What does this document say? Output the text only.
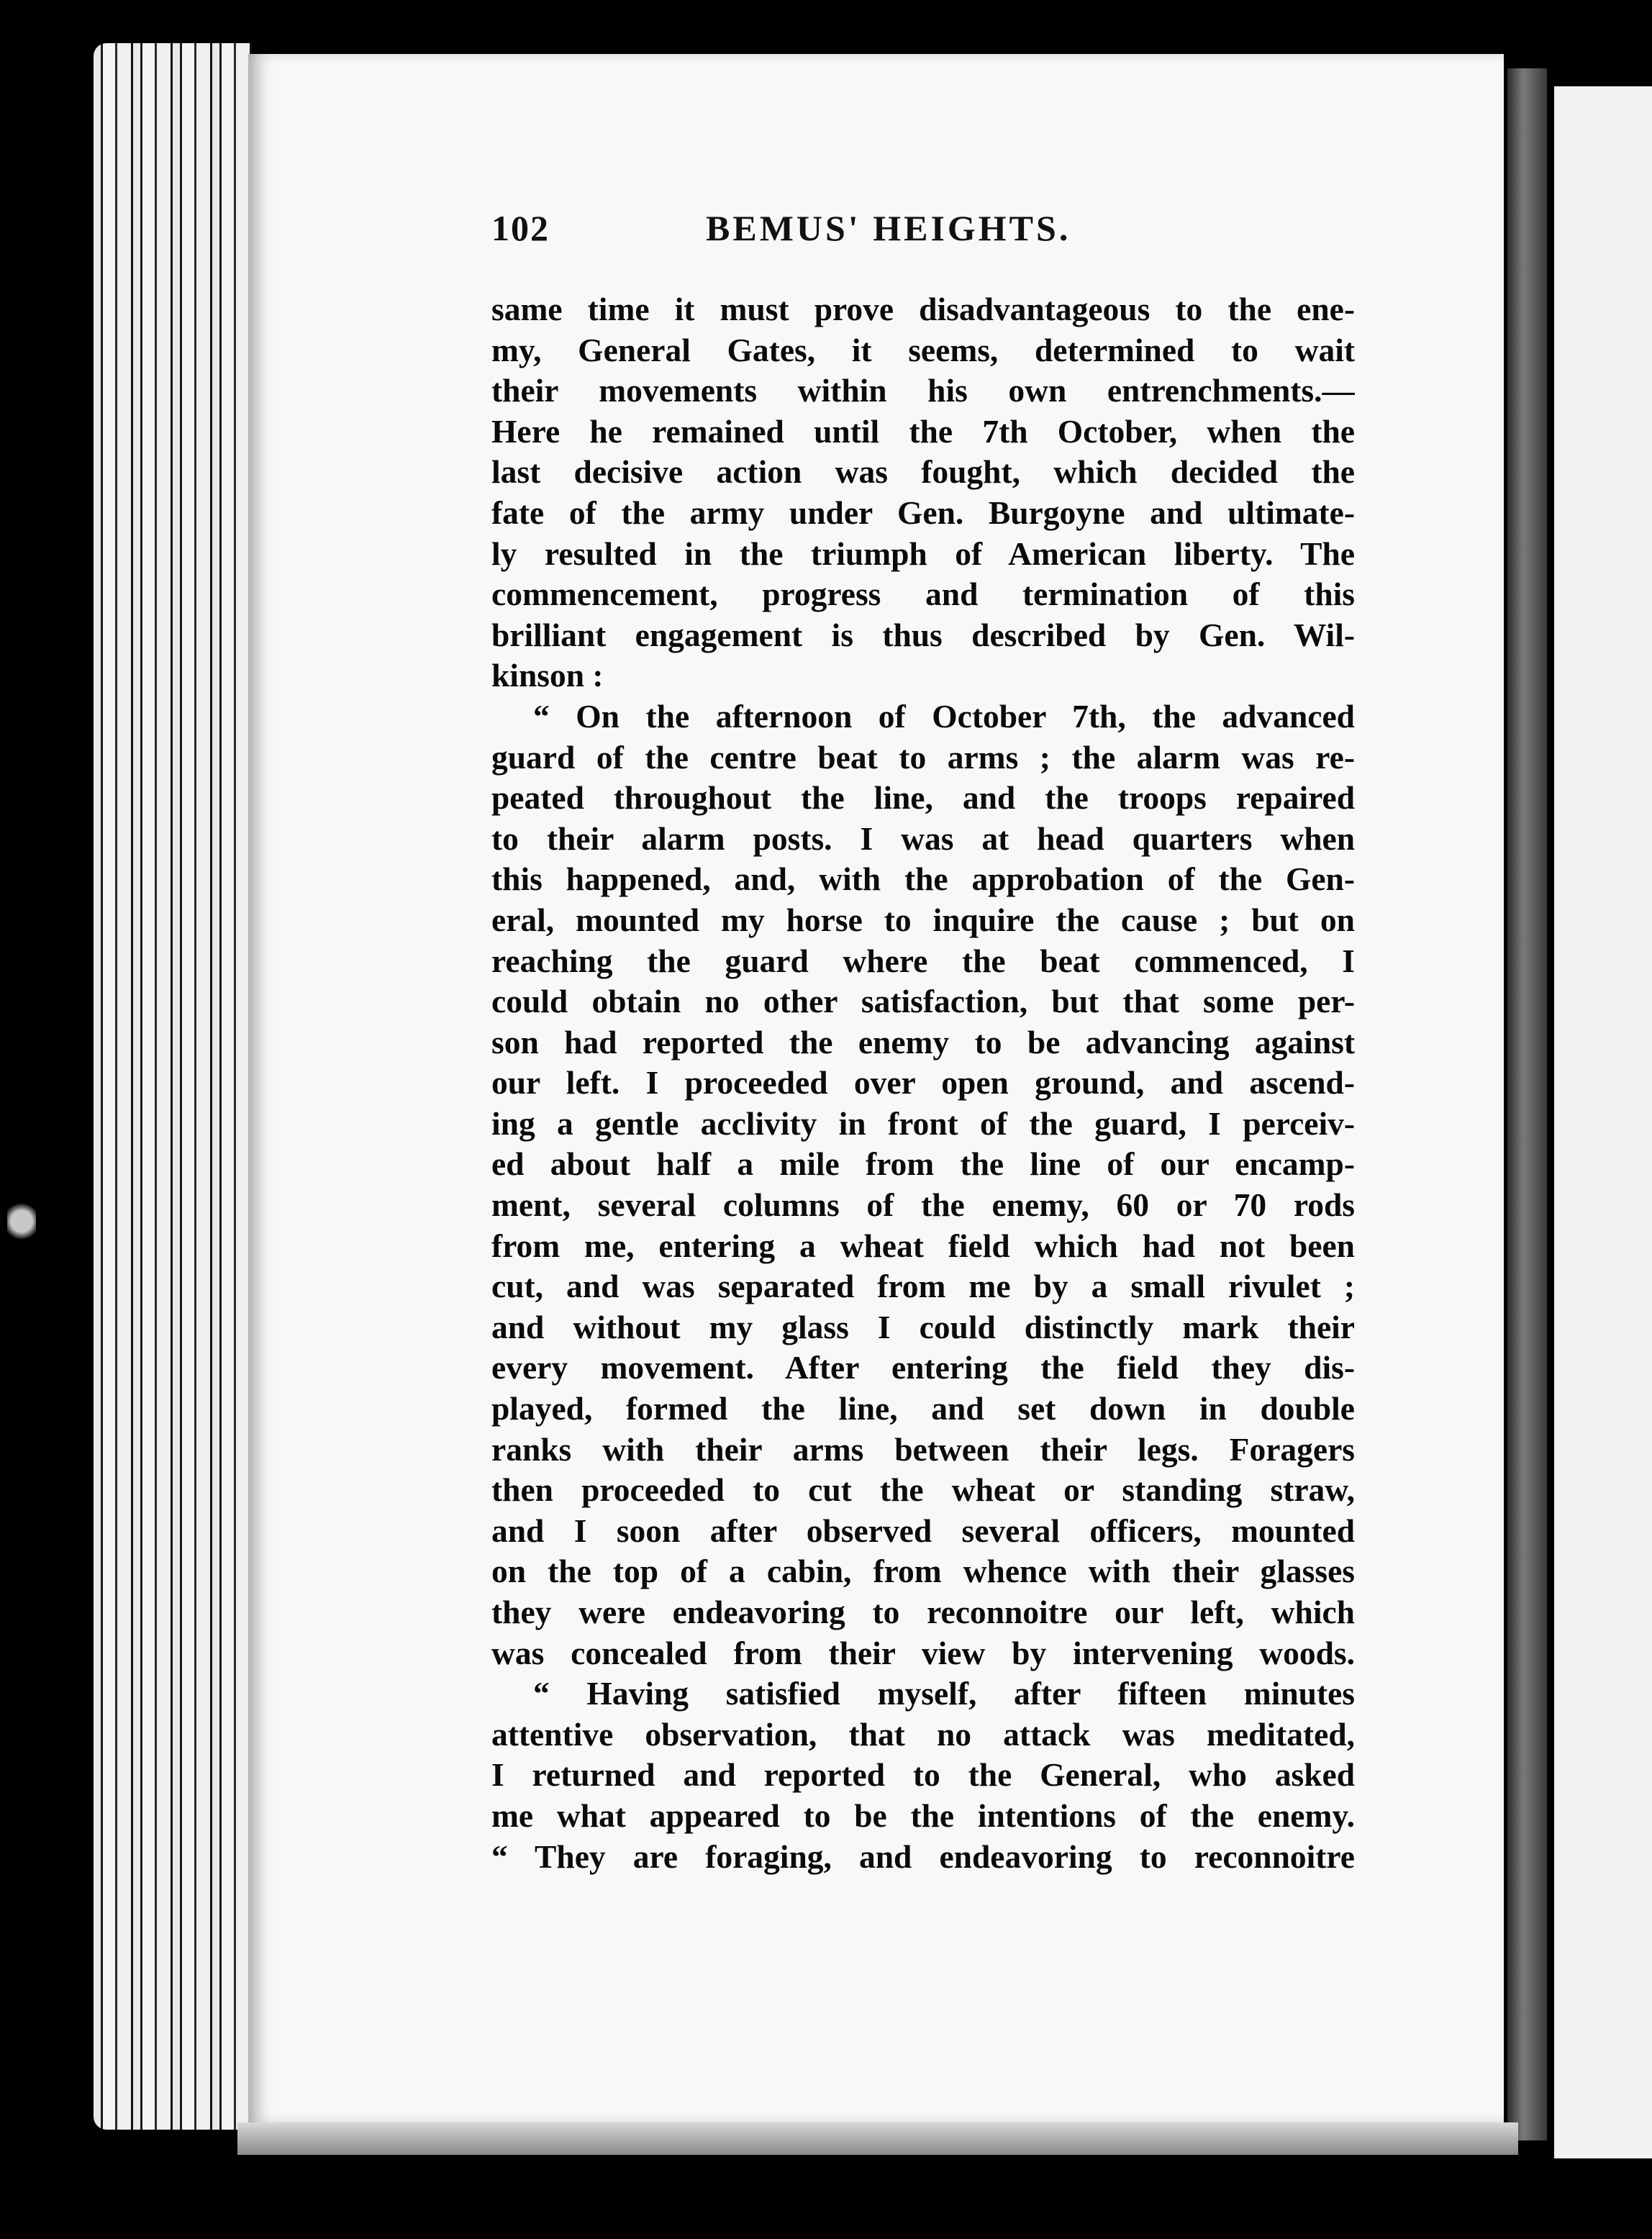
102	BEMUS' HEIGHTS.
same time it must prove disadvantageous to the ene-
my, General Gates, it seems, determined to wait
their movements within his own entrenchments.—
Here he remained until the 7th October, when the
last decisive action was fought, which decided the
fate of the army under Gen. Burgoyne and ultimate-
ly resulted in the triumph of American liberty. The
commencement, progress and termination of this
brilliant engagement is thus described by Gen. Wil-
kinson :
“ On the afternoon of October 7th, the advanced
guard of the centre beat to arms ; the alarm was re-
peated throughout the line, and the troops repaired
to their alarm posts. I was at head quarters when
this happened, and, with the approbation of the Gen-
eral, mounted my horse to inquire the cause ; but on
reaching the guard where the beat commenced, I
could obtain no other satisfaction, but that some per-
son had reported the enemy to be advancing against
our left. I proceeded over open ground, and ascend-
ing a gentle acclivity in front of the guard, I perceiv-
ed about half a mile from the line of our encamp-
ment, several columns of the enemy, 60 or 70 rods
from me, entering a wheat field which had not been
cut, and was separated from me by a small rivulet ;
and without my glass I could distinctly mark their
every movement. After entering the field they dis-
played, formed the line, and set down in double
ranks with their arms between their legs. Foragers
then proceeded to cut the wheat or standing straw,
and I soon after observed several officers, mounted
on the top of a cabin, from whence with their glasses
they were endeavoring to reconnoitre our left, which
was concealed from their view by intervening woods.
“ Having satisfied myself, after fifteen minutes
attentive observation, that no attack was meditated,
I returned and reported to the General, who asked
me what appeared to be the intentions of the enemy.
“ They are foraging, and endeavoring to reconnoitre
